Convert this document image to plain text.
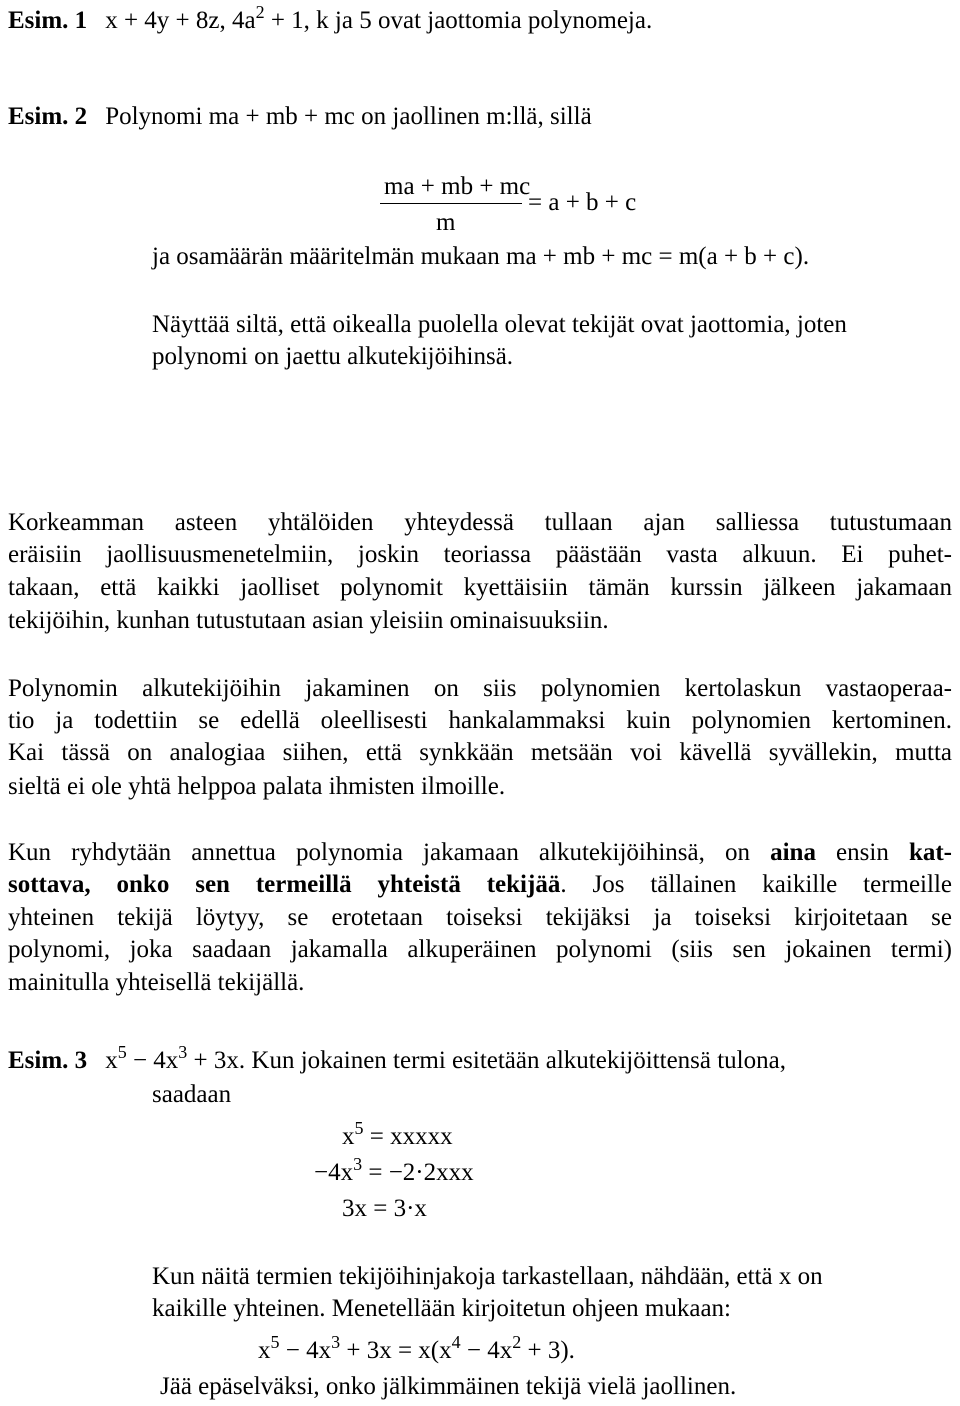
Esim. 1 x + 4y + 8z, $4a^2 + 1$, k ja 5 ovat jaottomia polynomeja.
Esim. 2 Polynomi ma + mb + mc on jaollinen m:llä, sillä
ma + mb + mc
= a + b + c
m
ja osamäärän määritelmän mukaan ma + mb + mc = m(a + b + c).
Näyttää siltä, että oikealla puolella olevat tekijät ovat jaottomia, joten
polynomi on jaettu alkutekijöihinsä.
Korkeamman asteen yhtälöiden yhteydessä tullaan ajan salliessa tutustumaan
eräisiin jaollisuusmenetelmiin, joskin teoriassa päästään vasta alkuun. Ei puhet-
takaan, että kaikki jaolliset polynomit kyettäisiin tämän kurssin jälkeen jakamaan
tekijöihin, kunhan tutustutaan asian yleisiin ominaisuuksiin.
Polynomin alkutekijöihin jakaminen on siis polynomien kertolaskun vastaoperaa-
tio ja todettiin se edellä oleellisesti hankalammaksi kuin polynomien kertominen.
Kai tässä on analogiaa siihen, että synkkään metsään voi kävellä syvällekin, mutta
sieltä ei ole yhtä helppoa palata ihmisten ilmoille.
Kun ryhdytään annettua polynomia jakamaan alkutekijöihinsä, on aina ensin kat-
sottava, onko sen termeillä yhteistä tekijää. Jos tällainen kaikille termeille
yhteinen tekijä löytyy, se erotetaan toiseksi tekijäksi ja toiseksi kirjoitetaan se
polynomi, joka saadaan jakamalla alkuperäinen polynomi (siis sen jokainen termi)
mainitulla yhteisellä tekijällä.
Esim. 3 $x^5 - 4x^3 + 3x$. Kun jokainen termi esitetään alkutekijöittensä tulona,
saadaan
$x^5$ = xxxxx
$-4x^3 = -2\cdot 2xxx$
3x = 3·x
Kun näitä termien tekijöihinjakoja tarkastellaan, nähdään, että x on
kaikille yhteinen. Menetellään kirjoitetun ohjeen mukaan:
$x^5 - 4x^3 + 3x = x(x^4 - 4x^2 + 3)$.
Jää epäselväksi, onko jälkimmäinen tekijä vielä jaollinen.
